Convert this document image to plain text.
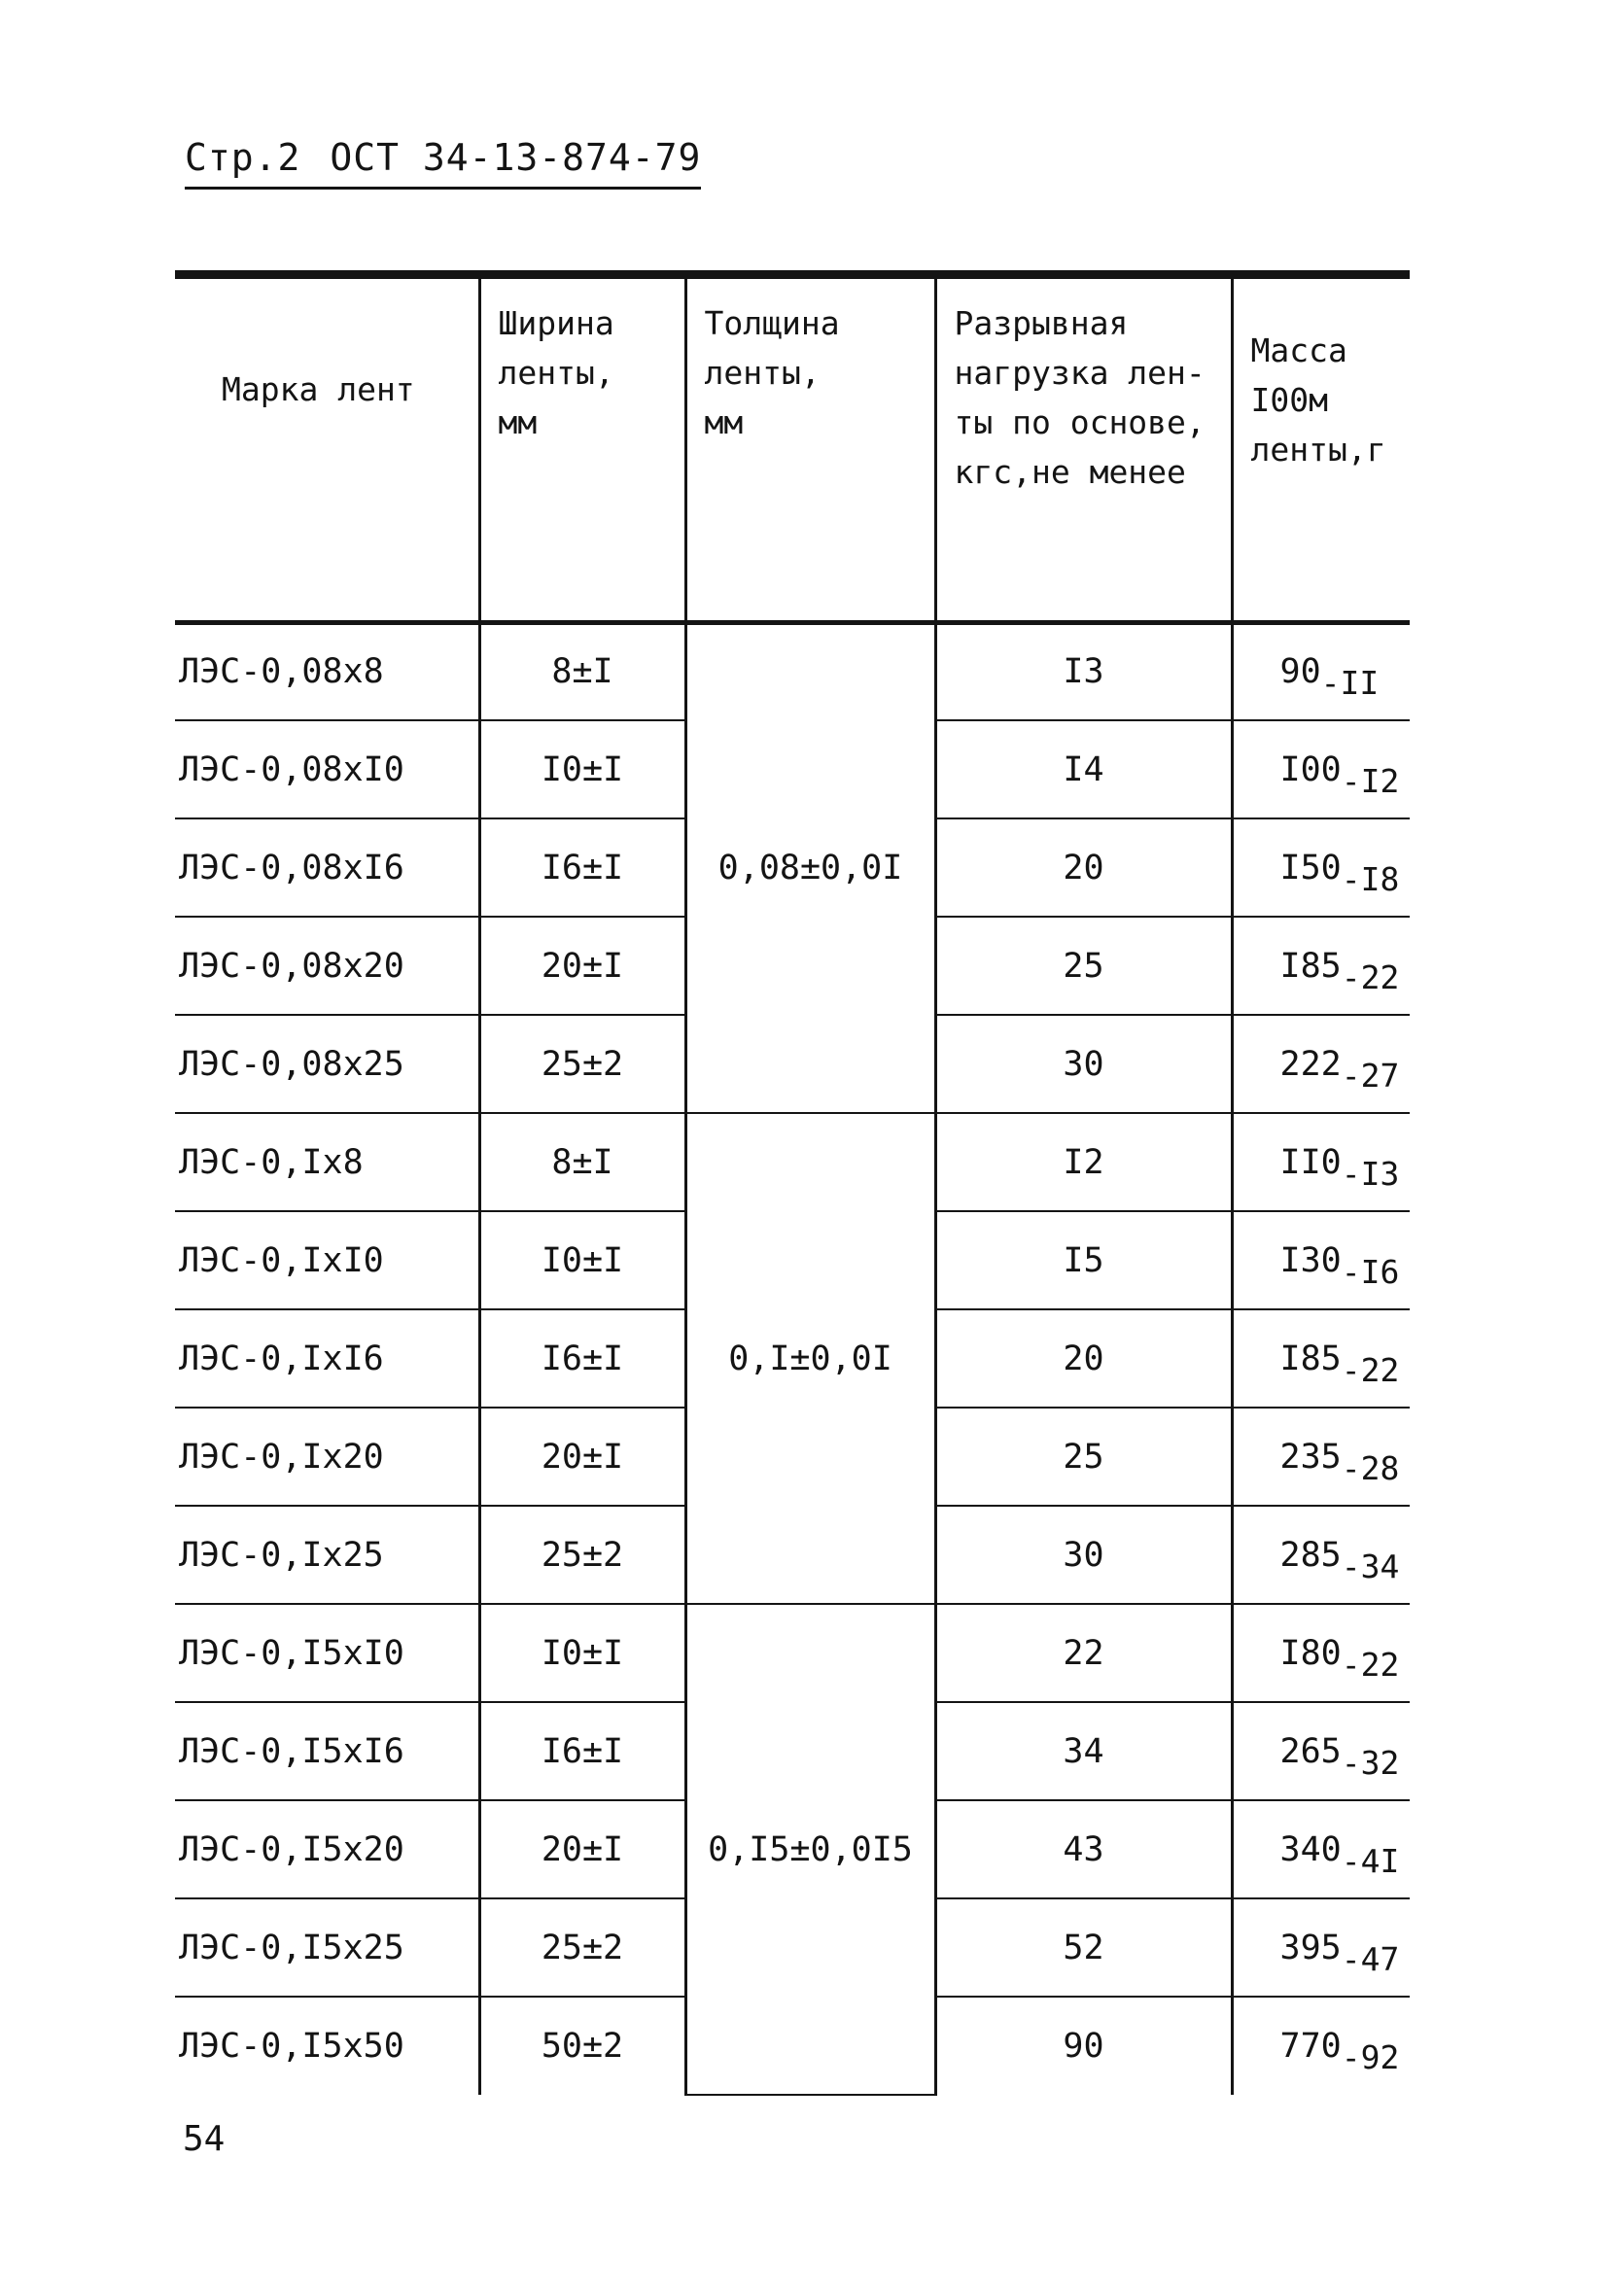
Стр.2 ОСТ 34-13-874-79
Марка лент	Ширина
ленты,
мм	Толщина
ленты,
мм	Разрывная
нагрузка лен-
ты по основе,
кгс,не менее	Масса
I00м
ленты,г

ЛЭС-0,08х8	8±I	0,08±0,0I	I3	90-II
ЛЭС-0,08хI0	I0±I		I4	I00-I2
ЛЭС-0,08хI6	I6±I		20	I50-I8
ЛЭС-0,08х20	20±I		25	I85-22
ЛЭС-0,08х25	25±2		30	222-27
ЛЭС-0,Iх8	8±I	0,I±0,0I	I2	II0-I3
ЛЭС-0,IхI0	I0±I		I5	I30-I6
ЛЭС-0,IхI6	I6±I		20	I85-22
ЛЭС-0,Iх20	20±I		25	235-28
ЛЭС-0,Iх25	25±2		30	285-34
ЛЭС-0,I5хI0	I0±I	0,I5±0,0I5	22	I80-22
ЛЭС-0,I5хI6	I6±I		34	265-32
ЛЭС-0,I5х20	20±I		43	340-4I
ЛЭС-0,I5х25	25±2		52	395-47
ЛЭС-0,I5х50	50±2		90	770-92
54
